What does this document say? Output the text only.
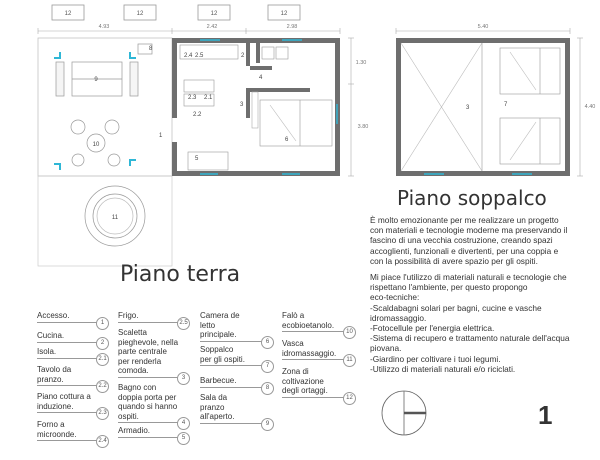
12	12	12	12
4.93	2.42	2.98
1.30
3.80
8
9
10
11
2.4 2.5	2
4
2.3 2.1
2.2
3
1
5
6
5.40
4.40
3	7
Piano terra
Piano soppalco

È molto emozionante per me realizzare un progetto
con materiali e tecnologie moderne ma preservando il
fascino di una vecchia costruzione, creando spazi
accoglienti, funzionali e divertenti, per una coppia e
con la possibilità di avere spazio per gli ospiti.

Mi piace l'utilizzo di materiali naturali e tecnologie che
rispettano l'ambiente, per questo propongo
eco-tecniche:
-Scaldabagni solari per bagni, cucine e vasche
idromassaggio.
-Fotocellule per l'energia elettrica.
-Sistema di recupero e trattamento naturale dell'acqua
piovana.
-Giardino per coltivare i tuoi legumi.
-Utilizzo di materiali naturali e/o riciclati.

Accesso.
1
Cucina.
2
Isola.
2.1
Tavolo da
pranzo.
2.2
Piano cottura a
induzione.
2.3
Forno a
microonde.
2.4
Frigo.
2.5
Scaletta
pieghevole, nella
parte centrale
per renderla
comoda.
3
Bagno con
doppia porta per
quando si hanno
ospiti.
4
Armadio.
5
Camera de
letto
principale.
6
Soppalco
per gli ospiti.
7
Barbecue.
8
Sala da
pranzo
all'aperto.
9
Falò a
ecobioetanolo.
10
Vasca
idromassaggio.
11
Zona di
coltivazione
degli ortaggi.
12
1
